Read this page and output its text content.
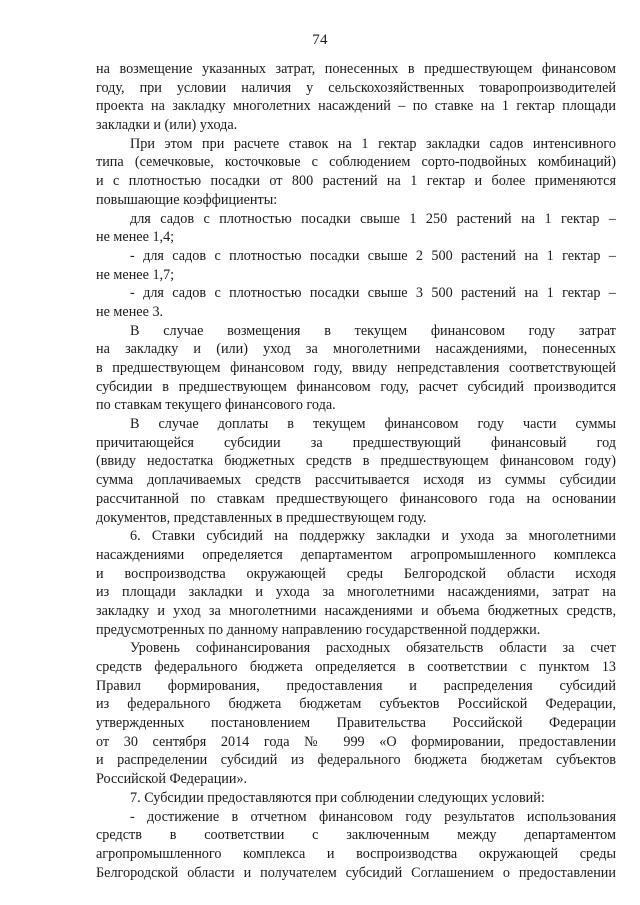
74
на возмещение указанных затрат, понесенных в предшествующем финансовом
году, при условии наличия у сельскохозяйственных товаропроизводителей
проекта на закладку многолетних насаждений – по ставке на 1 гектар площади
закладки и (или) ухода.
При этом при расчете ставок на 1 гектар закладки садов интенсивного
типа (семечковые, косточковые с соблюдением сорто-подвойных комбинаций)
и с плотностью посадки от 800 растений на 1 гектар и более применяются
повышающие коэффициенты:
для садов с плотностью посадки свыше 1 250 растений на 1 гектар –
не менее 1,4;
- для садов с плотностью посадки свыше 2 500 растений на 1 гектар –
не менее 1,7;
- для садов с плотностью посадки свыше 3 500 растений на 1 гектар –
не менее 3.
В случае возмещения в текущем финансовом году затрат
на закладку и (или) уход за многолетними насаждениями, понесенных
в предшествующем финансовом году, ввиду непредставления соответствующей
субсидии в предшествующем финансовом году, расчет субсидий производится
по ставкам текущего финансового года.
В случае доплаты в текущем финансовом году части суммы
причитающейся субсидии за предшествующий финансовый год
(ввиду недостатка бюджетных средств в предшествующем финансовом году)
сумма доплачиваемых средств рассчитывается исходя из суммы субсидии
рассчитанной по ставкам предшествующего финансового года на основании
документов, представленных в предшествующем году.
6. Ставки субсидий на поддержку закладки и ухода за многолетними
насаждениями определяется департаментом агропромышленного комплекса
и воспроизводства окружающей среды Белгородской области исходя
из площади закладки и ухода за многолетними насаждениями, затрат на
закладку и уход за многолетними насаждениями и объема бюджетных средств,
предусмотренных по данному направлению государственной поддержки.
Уровень софинансирования расходных обязательств области за счет
средств федерального бюджета определяется в соответствии с пунктом 13
Правил формирования, предоставления и распределения субсидий
из федерального бюджета бюджетам субъектов Российской Федерации,
утвержденных постановлением Правительства Российской Федерации
от 30 сентября 2014 года № 999 «О формировании, предоставлении
и распределении субсидий из федерального бюджета бюджетам субъектов
Российской Федерации».
7. Субсидии предоставляются при соблюдении следующих условий:
- достижение в отчетном финансовом году результатов использования
средств в соответствии с заключенным между департаментом
агропромышленного комплекса и воспроизводства окружающей среды
Белгородской области и получателем субсидий Соглашением о предоставлении
